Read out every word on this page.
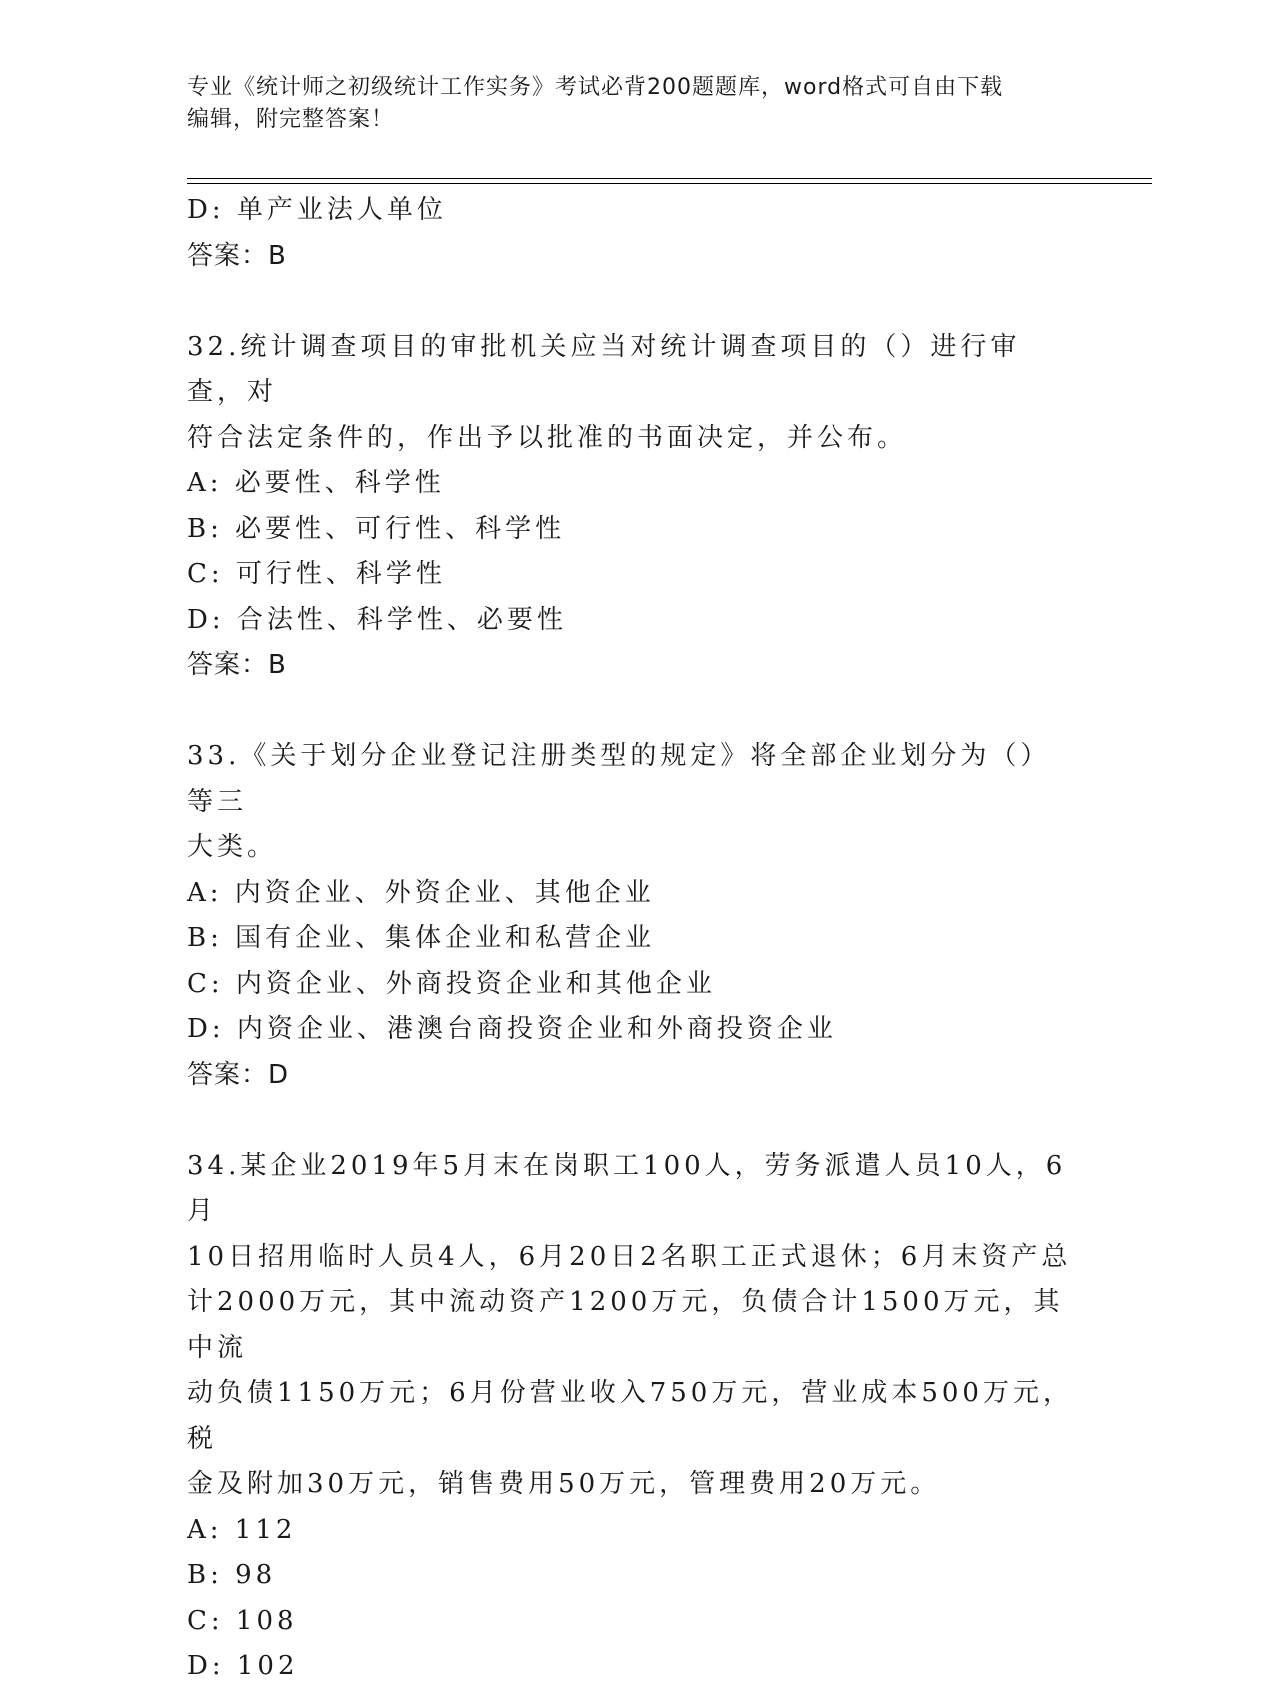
专业《统计师之初级统计工作实务》考试必背200题题库，word格式可自由下载
编辑，附完整答案！
D: 单产业法人单位
答案：B
32.统计调查项目的审批机关应当对统计调查项目的（）进行审查，对
符合法定条件的，作出予以批准的书面决定，并公布。
A: 必要性、科学性
B: 必要性、可行性、科学性
C: 可行性、科学性
D: 合法性、科学性、必要性
答案：B
33.《关于划分企业登记注册类型的规定》将全部企业划分为（）等三
大类。
A: 内资企业、外资企业、其他企业
B: 国有企业、集体企业和私营企业
C: 内资企业、外商投资企业和其他企业
D: 内资企业、港澳台商投资企业和外商投资企业
答案：D
34.某企业2019年5月末在岗职工100人，劳务派遣人员10人，6月
10日招用临时人员4人，6月20日2名职工正式退休；6月末资产总
计2000万元，其中流动资产1200万元，负债合计1500万元，其中流
动负债1150万元；6月份营业收入750万元，营业成本500万元，税
金及附加30万元，销售费用50万元，管理费用20万元。
A: 112
B: 98
C: 108
D: 102
